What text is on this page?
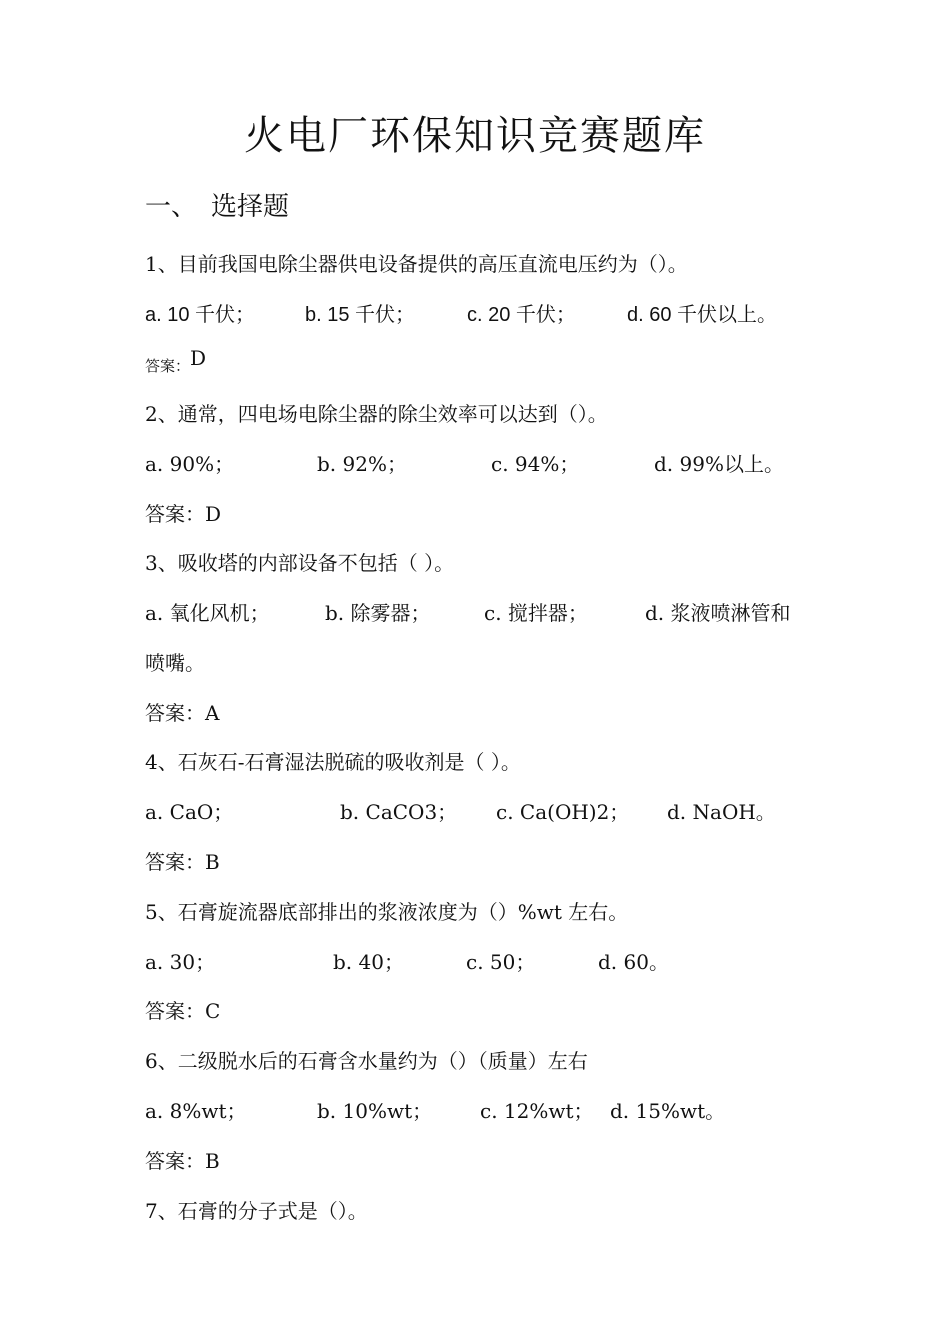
火电厂环保知识竞赛题库
一、 选择题
1、目前我国电除尘器供电设备提供的高压直流电压约为（）。
a. 10 千伏； b. 15 千伏；	c. 20 千伏；	d. 60 千伏以上。
答案：D
2、通常，四电场电除尘器的除尘效率可以达到（）。
a. 90%；	b. 92%；	c. 94%；	d. 99%以上。
答案：D
3、吸收塔的内部设备不包括（ ）。
a. 氧化风机；	b. 除雾器；	c. 搅拌器；	d. 浆液喷淋管和
喷嘴。
答案：A
4、石灰石-石膏湿法脱硫的吸收剂是（ ）。
a. CaO；	b. CaCO3； c. Ca(OH)2； d. NaOH。
答案：B
5、石膏旋流器底部排出的浆液浓度为（）%wt 左右。
a. 30；	b. 40；	c. 50；	d. 60。
答案：C
6、二级脱水后的石膏含水量约为（）（质量）左右
a. 8%wt；	b. 10%wt； c. 12%wt； d. 15%wt。
答案：B
7、石膏的分子式是（）。
